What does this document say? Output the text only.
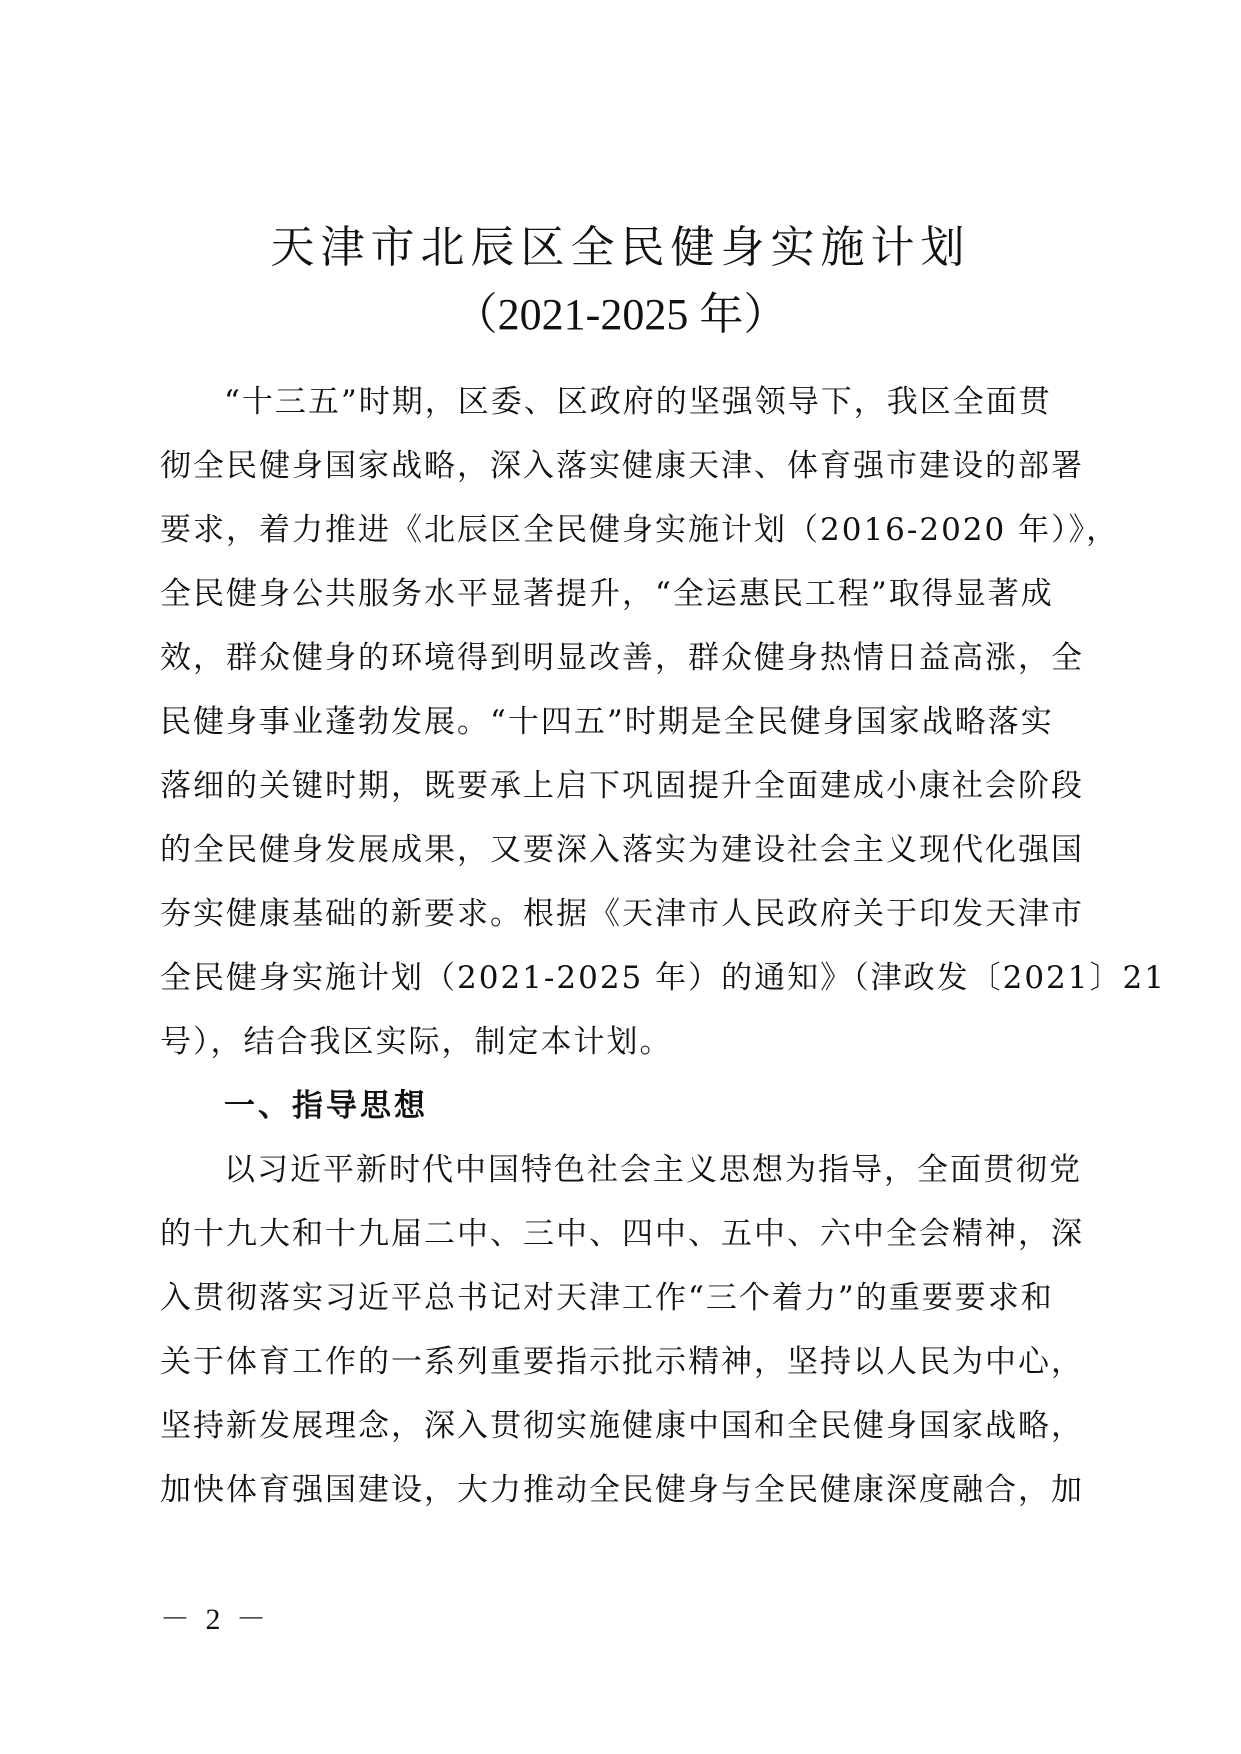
天津市北辰区全民健身实施计划
（2021-2025 年）
“十三五”时期，区委、区政府的坚强领导下，我区全面贯
彻全民健身国家战略，深入落实健康天津、体育强市建设的部署
要求，着力推进《北辰区全民健身实施计划（2016-2020 年）》，
全民健身公共服务水平显著提升，“全运惠民工程”取得显著成
效，群众健身的环境得到明显改善，群众健身热情日益高涨，全
民健身事业蓬勃发展。“十四五”时期是全民健身国家战略落实
落细的关键时期，既要承上启下巩固提升全面建成小康社会阶段
的全民健身发展成果，又要深入落实为建设社会主义现代化强国
夯实健康基础的新要求。根据《天津市人民政府关于印发天津市
全民健身实施计划（2021-2025 年）的通知》（津政发〔2021〕21
号），结合我区实际，制定本计划。
一、指导思想
以习近平新时代中国特色社会主义思想为指导，全面贯彻党
的十九大和十九届二中、三中、四中、五中、六中全会精神，深
入贯彻落实习近平总书记对天津工作“三个着力”的重要要求和
关于体育工作的一系列重要指示批示精神，坚持以人民为中心，
坚持新发展理念，深入贯彻实施健康中国和全民健身国家战略，
加快体育强国建设，大力推动全民健身与全民健康深度融合，加
－ 2 －
